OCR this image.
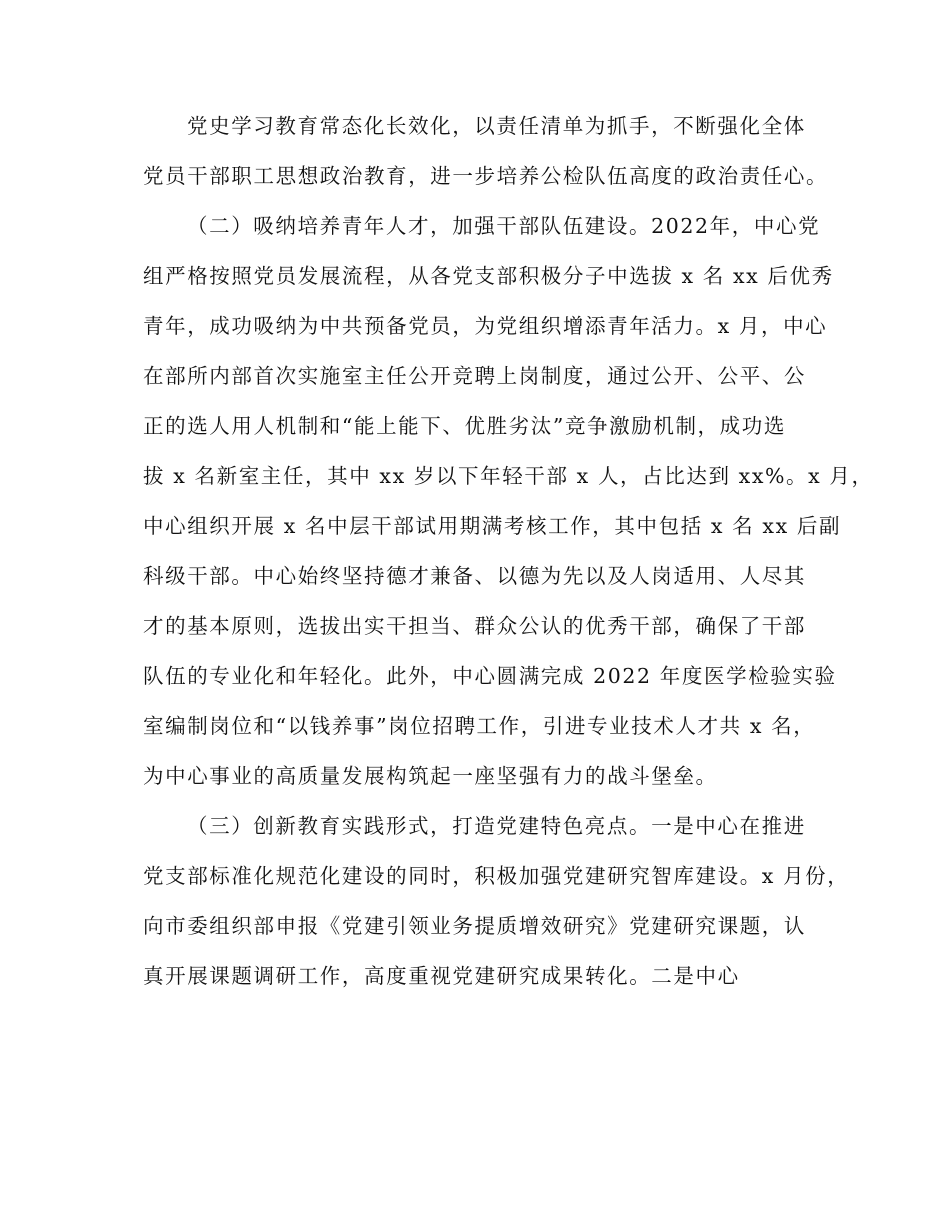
党史学习教育常态化长效化，以责任清单为抓手，不断强化全体
党员干部职工思想政治教育，进一步培养公检队伍高度的政治责任心。
（二）吸纳培养青年人才，加强干部队伍建设。2022年，中心党
组严格按照党员发展流程，从各党支部积极分子中选拔 x 名 xx 后优秀
青年，成功吸纳为中共预备党员，为党组织增添青年活力。x 月，中心
在部所内部首次实施室主任公开竞聘上岗制度，通过公开、公平、公
正的选人用人机制和“能上能下、优胜劣汰”竞争激励机制，成功选
拔 x 名新室主任，其中 xx 岁以下年轻干部 x 人，占比达到 xx%。x 月，
中心组织开展 x 名中层干部试用期满考核工作，其中包括 x 名 xx 后副
科级干部。中心始终坚持德才兼备、以德为先以及人岗适用、人尽其
才的基本原则，选拔出实干担当、群众公认的优秀干部，确保了干部
队伍的专业化和年轻化。此外，中心圆满完成 2022 年度医学检验实验
室编制岗位和“以钱养事”岗位招聘工作，引进专业技术人才共 x 名，
为中心事业的高质量发展构筑起一座坚强有力的战斗堡垒。
（三）创新教育实践形式，打造党建特色亮点。一是中心在推进
党支部标准化规范化建设的同时，积极加强党建研究智库建设。x 月份，
向市委组织部申报《党建引领业务提质增效研究》党建研究课题，认
真开展课题调研工作，高度重视党建研究成果转化。二是中心
